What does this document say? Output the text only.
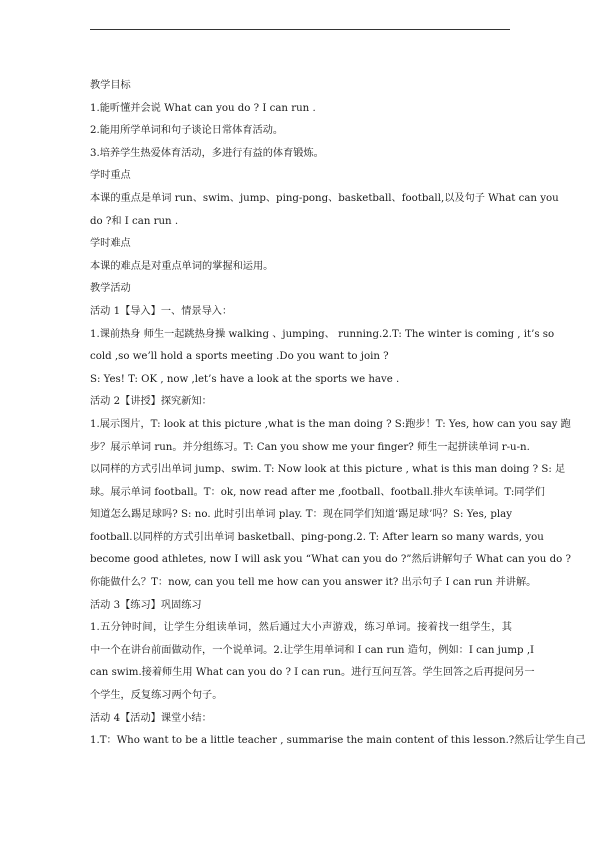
教学目标
1.能听懂并会说 What can you do ? I can run .
2.能用所学单词和句子谈论日常体育活动。
3.培养学生热爱体育活动，多进行有益的体育锻炼。
学时重点
本课的重点是单词 run、swim、jump、ping-pong、basketball、football,以及句子 What can you
do ?和 I can run .
学时难点
本课的难点是对重点单词的掌握和运用。
教学活动
活动 1【导入】一、情景导入：
1.课前热身 师生一起跳热身操 walking 、jumping、 running.2.T: The winter is coming , it’s so
cold ,so we’ll hold a sports meeting .Do you want to join ?
S: Yes! T: OK , now ,let’s have a look at the sports we have .
活动 2【讲授】探究新知：
1.展示图片，T: look at this picture ,what is the man doing ? S:跑步！T: Yes, how can you say 跑
步？展示单词 run。并分组练习。T: Can you show me your finger? 师生一起拼读单词 r-u-n.
以同样的方式引出单词 jump、swim. T: Now look at this picture , what is this man doing ? S: 足
球。展示单词 football。T：ok, now read after me ,football、football.排火车读单词。T:同学们
知道怎么踢足球吗? S: no. 此时引出单词 play. T：现在同学们知道‘踢足球’吗？S: Yes, play
football.以同样的方式引出单词 basketball、ping-pong.2. T: After learn so many wards, you
become good athletes, now I will ask you “What can you do ?”然后讲解句子 What can you do ?
你能做什么？T：now, can you tell me how can you answer it? 出示句子 I can run 并讲解。
活动 3【练习】巩固练习
1.五分钟时间，让学生分组读单词，然后通过大小声游戏，练习单词。接着找一组学生，其
中一个在讲台前面做动作，一个说单词。2.让学生用单词和 I can run 造句，例如：I can jump ,I
can swim.接着师生用 What can you do ? I can run。进行互问互答。学生回答之后再提问另一
个学生，反复练习两个句子。
活动 4【活动】课堂小结：
1.T：Who want to be a little teacher , summarise the main content of this lesson.?然后让学生自己
